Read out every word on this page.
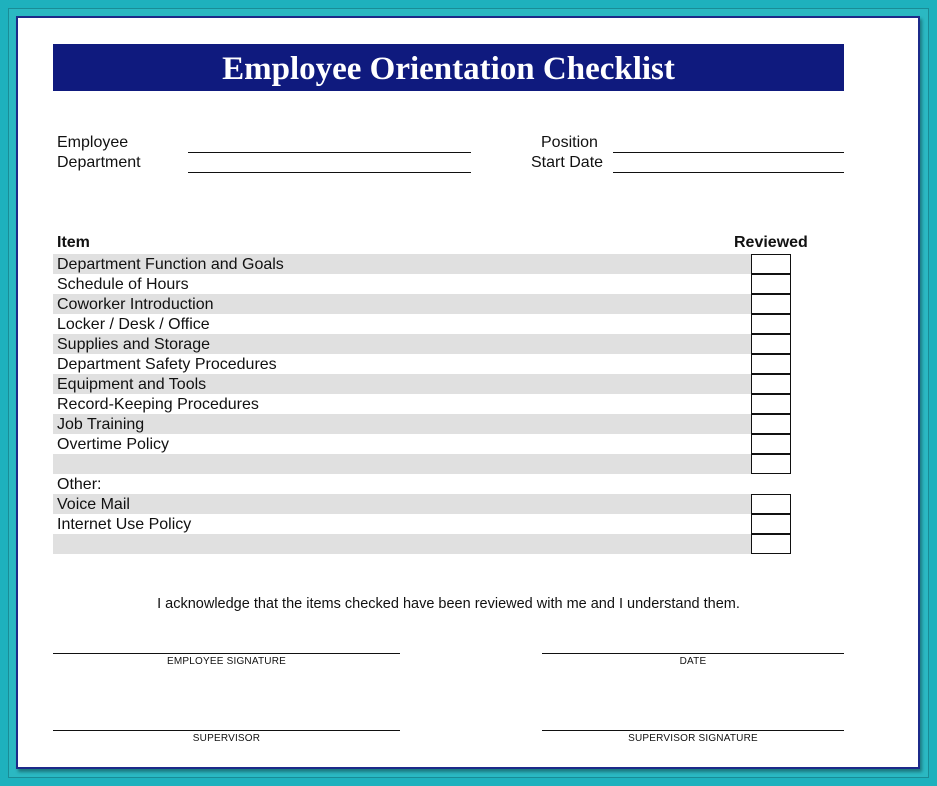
Employee Orientation Checklist
Employee
Department
Position
Start Date
Item	Reviewed
Department Function and Goals
Schedule of Hours
Coworker Introduction
Locker / Desk / Office
Supplies and Storage
Department Safety Procedures
Equipment and Tools
Record-Keeping Procedures
Job Training
Overtime Policy
Other:
Voice Mail
Internet Use Policy
I acknowledge that the items checked have been reviewed with me and I understand them.
EMPLOYEE SIGNATURE	DATE
SUPERVISOR	SUPERVISOR SIGNATURE
